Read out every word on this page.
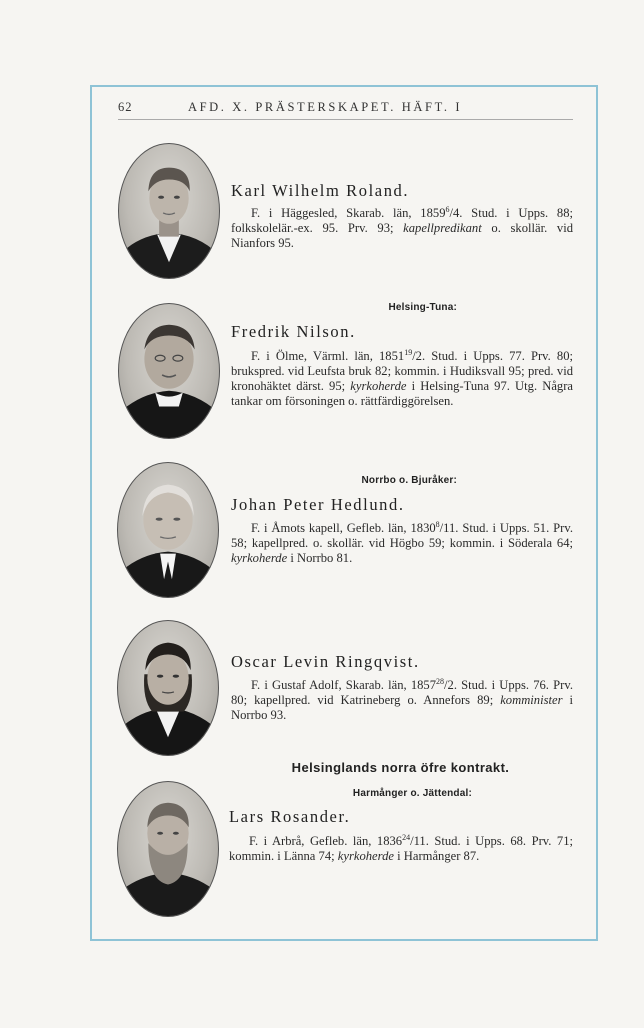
62	AFD. X. PRÄSTERSKAPET. HÄFT. I
Karl Wilhelm Roland.
F. i Häggesled, Skarab. län, 1859$^6$/4. Stud. i Upps. 88; folkskolelär.-ex. 95. Prv. 93; kapellpredikant o. skollär. vid Nianfors 95.
Helsing-Tuna:
Fredrik Nilson.
F. i Ölme, Värml. län, 1851$^{19}$/2. Stud. i Upps. 77. Prv. 80; brukspred. vid Leufsta bruk 82; kommin. i Hudiksvall 95; pred. vid kronohäktet därst. 95; kyrkoherde i Helsing-Tuna 97. Utg. Några tankar om försoningen o. rättfärdiggörelsen.
Norrbo o. Bjuråker:
Johan Peter Hedlund.
F. i Åmots kapell, Gefleb. län, 1830$^8$/11. Stud. i Upps. 51. Prv. 58; kapellpred. o. skollär. vid Högbo 59; kommin. i Söderala 64; kyrkoherde i Norrbo 81.
Oscar Levin Ringqvist.
F. i Gustaf Adolf, Skarab. län, 1857$^{28}$/2. Stud. i Upps. 76. Prv. 80; kapellpred. vid Katrineberg o. Annefors 89; komminister i Norrbo 93.
Helsinglands norra öfre kontrakt.
Harmånger o. Jättendal:
Lars Rosander.
F. i Arbrå, Gefleb. län, 1836$^{24}$/11. Stud. i Upps. 68. Prv. 71; kommin. i Länna 74; kyrkoherde i Harmånger 87.
